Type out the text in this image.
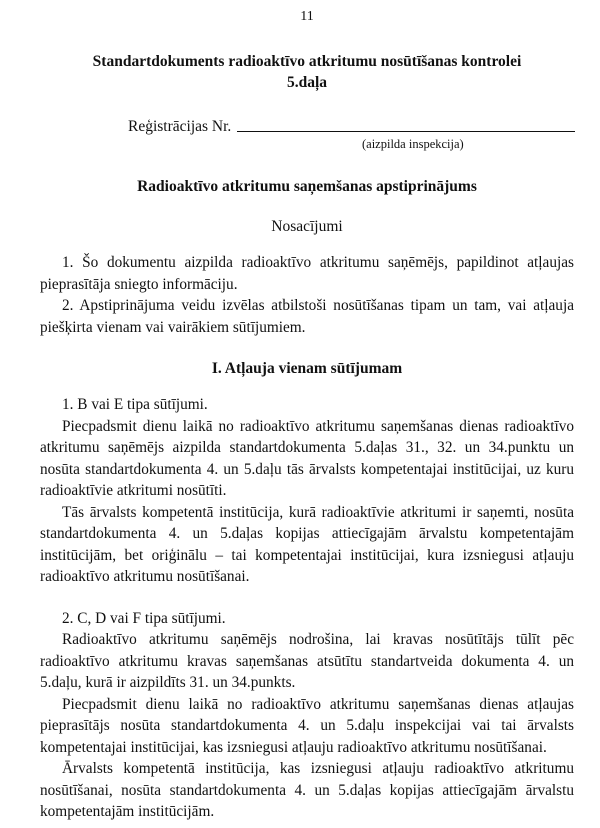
11
Standartdokuments radioaktīvo atkritumu nosūtīšanas kontrolei
5.daļa
Reģistrācijas Nr.
(aizpilda inspekcija)
Radioaktīvo atkritumu saņemšanas apstiprinājums
Nosacījumi

1. Šo dokumentu aizpilda radioaktīvo atkritumu saņēmējs, papildinot atļaujas pieprasītāja sniegto informāciju.

2. Apstiprinājuma veidu izvēlas atbilstoši nosūtīšanas tipam un tam, vai atļauja piešķirta vienam vai vairākiem sūtījumiem.

I. Atļauja vienam sūtījumam

1. B vai E tipa sūtījumi.

Piecpadsmit dienu laikā no radioaktīvo atkritumu saņemšanas dienas radioaktīvo atkritumu saņēmējs aizpilda standartdokumenta 5.daļas 31., 32. un 34.punktu un nosūta standartdokumenta 4. un 5.daļu tās ārvalsts kompetentajai institūcijai, uz kuru radioaktīvie atkritumi nosūtīti.

Tās ārvalsts kompetentā institūcija, kurā radioaktīvie atkritumi ir saņemti, nosūta standartdokumenta 4. un 5.daļas kopijas attiecīgajām ārvalstu kompetentajām institūcijām, bet oriģinālu – tai kompetentajai institūcijai, kura izsniegusi atļauju radioaktīvo atkritumu nosūtīšanai.

2. C, D vai F tipa sūtījumi.

Radioaktīvo atkritumu saņēmējs nodrošina, lai kravas nosūtītājs tūlīt pēc radioaktīvo atkritumu kravas saņemšanas atsūtītu standartveida dokumenta 4. un 5.daļu, kurā ir aizpildīts 31. un 34.punkts.

Piecpadsmit dienu laikā no radioaktīvo atkritumu saņemšanas dienas atļaujas pieprasītājs nosūta standartdokumenta 4. un 5.daļu inspekcijai vai tai ārvalsts kompetentajai institūcijai, kas izsniegusi atļauju radioaktīvo atkritumu nosūtīšanai.

Ārvalsts kompetentā institūcija, kas izsniegusi atļauju radioaktīvo atkritumu nosūtīšanai, nosūta standartdokumenta 4. un 5.daļas kopijas attiecīgajām ārvalstu kompetentajām institūcijām.
